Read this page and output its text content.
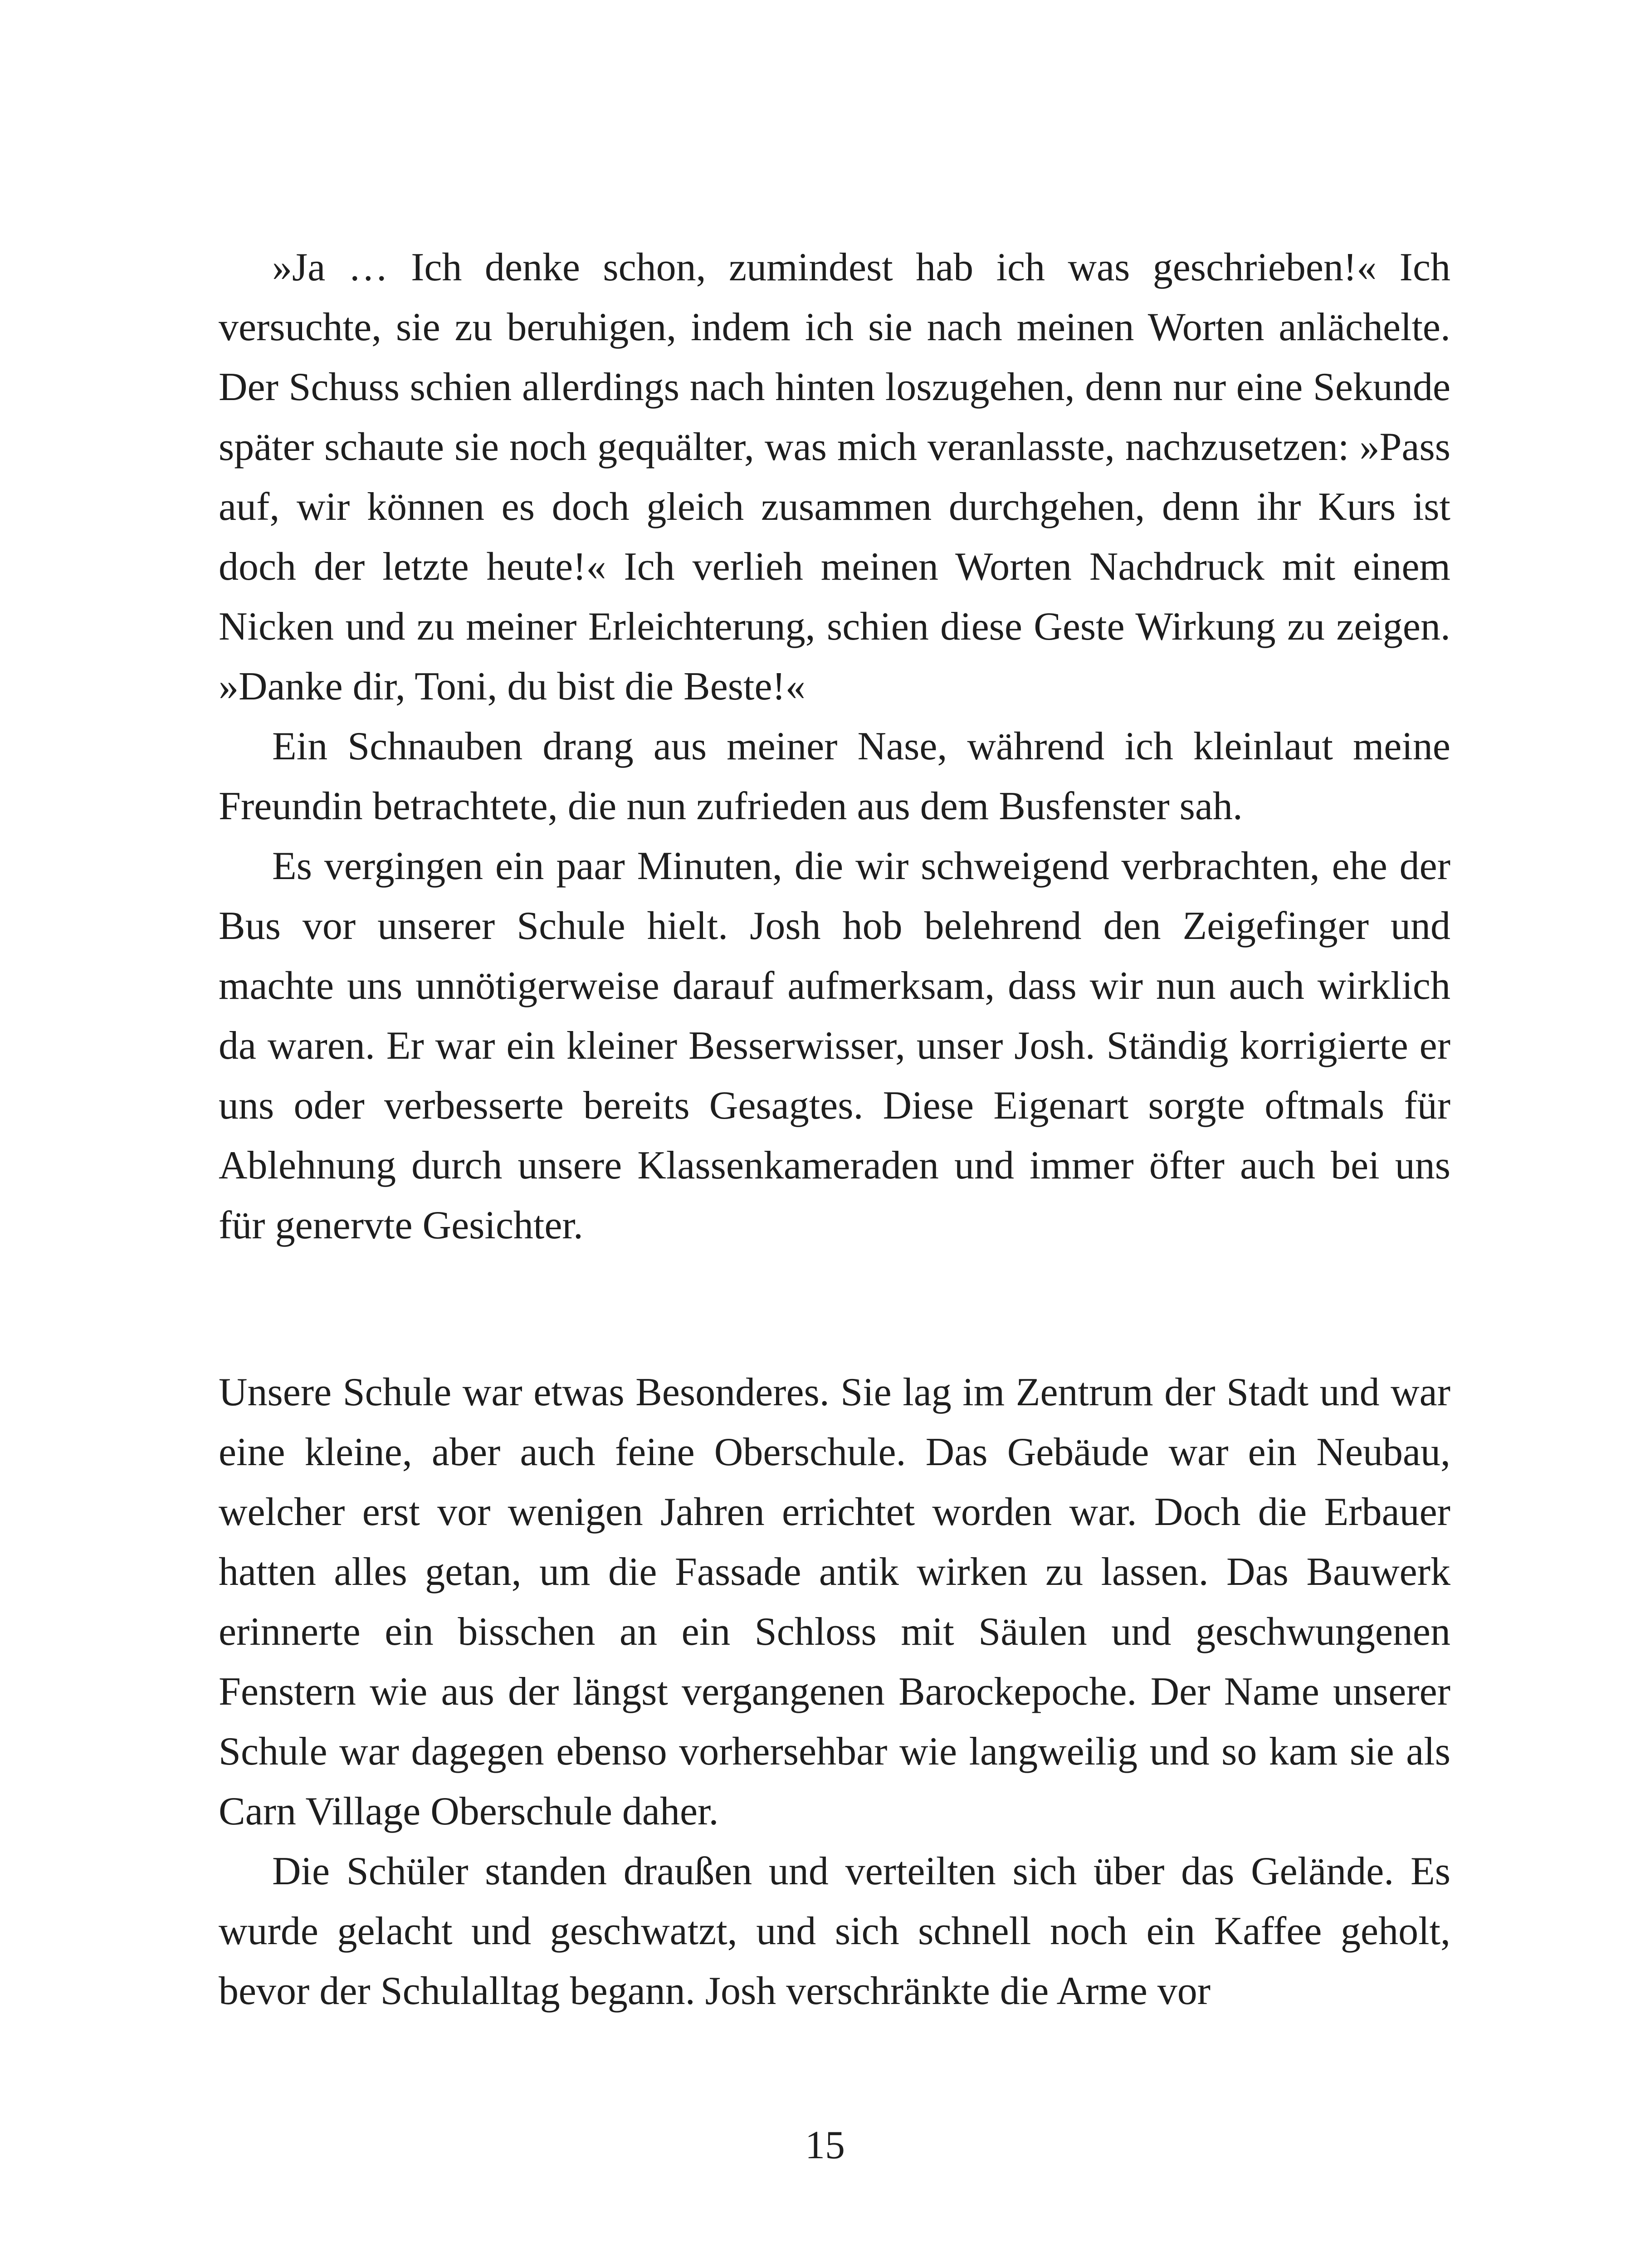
»Ja … Ich denke schon, zumindest hab ich was geschrieben!« Ich versuchte, sie zu beruhigen, indem ich sie nach meinen Worten anlächelte. Der Schuss schien allerdings nach hinten loszugehen, denn nur eine Sekunde später schaute sie noch gequälter, was mich veranlasste, nachzusetzen: »Pass auf, wir können es doch gleich zusammen durchgehen, denn ihr Kurs ist doch der letzte heute!« Ich verlieh meinen Worten Nachdruck mit einem Nicken und zu meiner Erleichterung, schien diese Geste Wirkung zu zeigen. »Danke dir, Toni, du bist die Beste!«

Ein Schnauben drang aus meiner Nase, während ich kleinlaut meine Freundin betrachtete, die nun zufrieden aus dem Busfenster sah.

Es vergingen ein paar Minuten, die wir schweigend verbrachten, ehe der Bus vor unserer Schule hielt. Josh hob belehrend den Zeigefinger und machte uns unnötigerweise darauf aufmerksam, dass wir nun auch wirklich da waren. Er war ein kleiner Besserwisser, unser Josh. Ständig korrigierte er uns oder verbesserte bereits Gesagtes. Diese Eigenart sorgte oftmals für Ablehnung durch unsere Klassenkameraden und immer öfter auch bei uns für genervte Gesichter.

Unsere Schule war etwas Besonderes. Sie lag im Zentrum der Stadt und war eine kleine, aber auch feine Oberschule. Das Gebäude war ein Neubau, welcher erst vor wenigen Jahren errichtet worden war. Doch die Erbauer hatten alles getan, um die Fassade antik wirken zu lassen. Das Bauwerk erinnerte ein bisschen an ein Schloss mit Säulen und geschwungenen Fenstern wie aus der längst vergangenen Barockepoche. Der Name unserer Schule war dagegen ebenso vorhersehbar wie langweilig und so kam sie als Carn Village Oberschule daher.

Die Schüler standen draußen und verteilten sich über das Gelände. Es wurde gelacht und geschwatzt, und sich schnell noch ein Kaffee geholt, bevor der Schulalltag begann. Josh verschränkte die Arme vor

15
